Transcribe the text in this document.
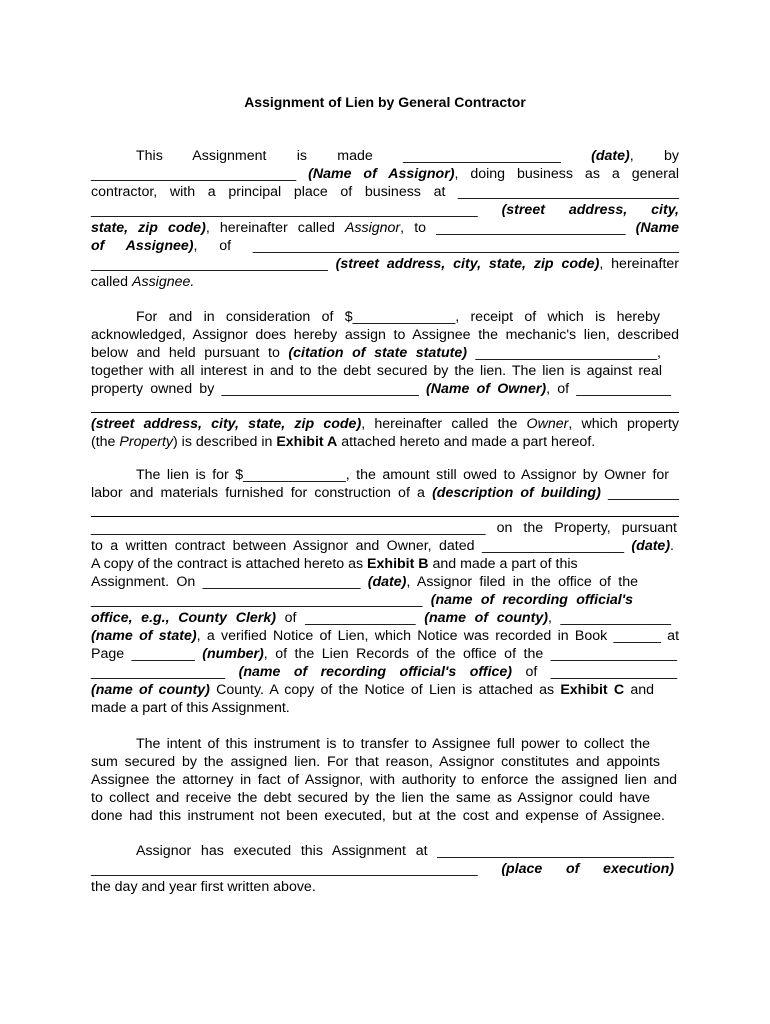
Assignment of Lien by General Contractor
This Assignment is made ____________________ (date), by
__________________________ (Name of Assignor), doing business as a general
contractor, with a principal place of business at ____________________________
_________________________________________________ (street address, city,
state, zip code), hereinafter called Assignor, to ________________________ (Name
of Assignee), of ______________________________________________________
______________________________ (street address, city, state, zip code), hereinafter
called Assignee.
For and in consideration of $_____________, receipt of which is hereby
acknowledged, Assignor does hereby assign to Assignee the mechanic's lien, described
below and held pursuant to (citation of state statute) _______________________,
together with all interest in and to the debt secured by the lien. The lien is against real
property owned by _________________________ (Name of Owner), of ____________
(street address, city, state, zip code), hereinafter called the Owner, which property
(the Property) is described in Exhibit A attached hereto and made a part hereof.
The lien is for $_____________, the amount still owed to Assignor by Owner for
labor and materials furnished for construction of a (description of building) _________
__________________________________________________ on the Property, pursuant
to a written contract between Assignor and Owner, dated __________________ (date).
A copy of the contract is attached hereto as Exhibit B and made a part of this
Assignment. On ____________________ (date), Assignor filed in the office of the
__________________________________________ (name of recording official's
office, e.g., County Clerk) of ______________ (name of county), ______________
(name of state), a verified Notice of Lien, which Notice was recorded in Book ______ at
Page ________ (number), of the Lien Records of the office of the ________________
_________________ (name of recording official's office) of ________________
(name of county) County. A copy of the Notice of Lien is attached as Exhibit C and
made a part of this Assignment.
The intent of this instrument is to transfer to Assignee full power to collect the
sum secured by the assigned lien. For that reason, Assignor constitutes and appoints
Assignee the attorney in fact of Assignor, with authority to enforce the assigned lien and
to collect and receive the debt secured by the lien the same as Assignor could have
done had this instrument not been executed, but at the cost and expense of Assignee.
Assignor has executed this Assignment at ______________________________
_________________________________________________ (place of execution)
the day and year first written above.
